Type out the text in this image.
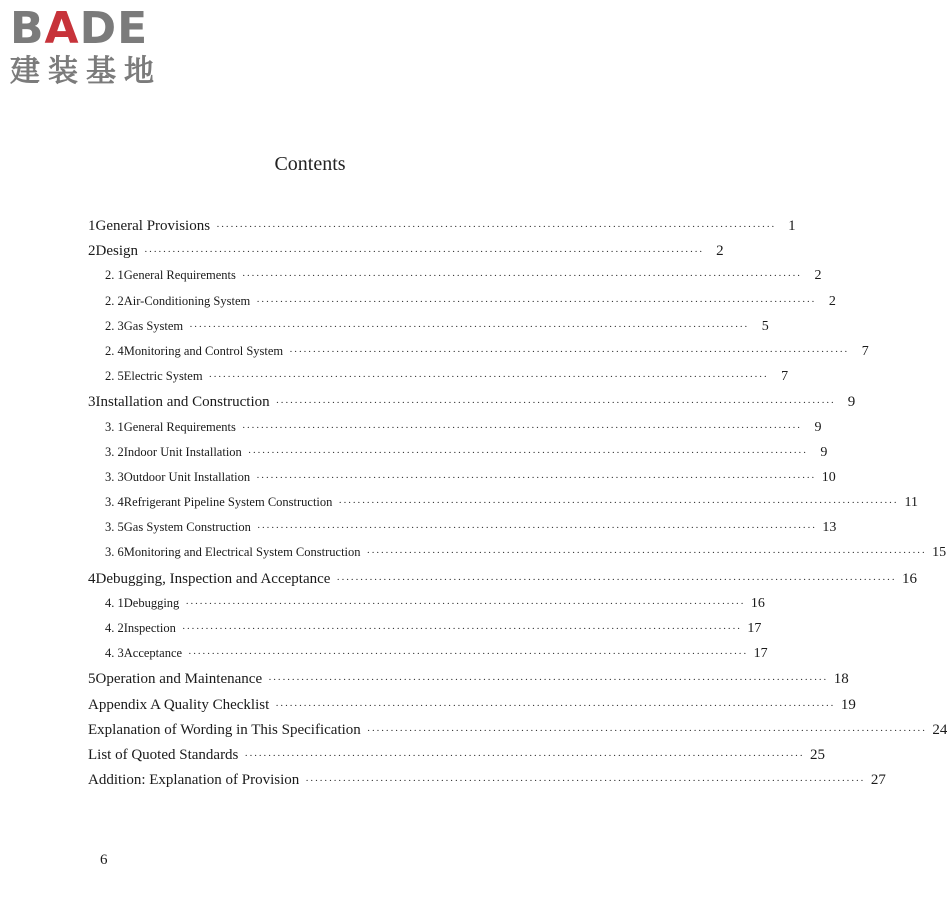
BADE
建装基地
Contents
1 General Provisions ························································································································ 1
2 Design ························································································································ 2
2. 1 General Requirements ························································································································ 2
2. 2 Air-Conditioning System ························································································································ 2
2. 3 Gas System ························································································································ 5
2. 4 Monitoring and Control System ························································································································ 7
2. 5 Electric System ························································································································ 7
3 Installation and Construction ························································································································ 9
3. 1 General Requirements ························································································································ 9
3. 2 Indoor Unit Installation ························································································································ 9
3. 3 Outdoor Unit Installation ························································································································ 10
3. 4 Refrigerant Pipeline System Construction ························································································································ 11
3. 5 Gas System Construction ························································································································ 13
3. 6 Monitoring and Electrical System Construction ························································································································ 15
4 Debugging, Inspection and Acceptance ························································································································ 16
4. 1 Debugging ························································································································ 16
4. 2 Inspection ························································································································ 17
4. 3 Acceptance ························································································································ 17
5 Operation and Maintenance ························································································································ 18
Appendix A Quality Checklist ························································································································ 19
Explanation of Wording in This Specification ························································································································ 24
List of Quoted Standards ························································································································ 25
Addition: Explanation of Provision ························································································································ 27
6
